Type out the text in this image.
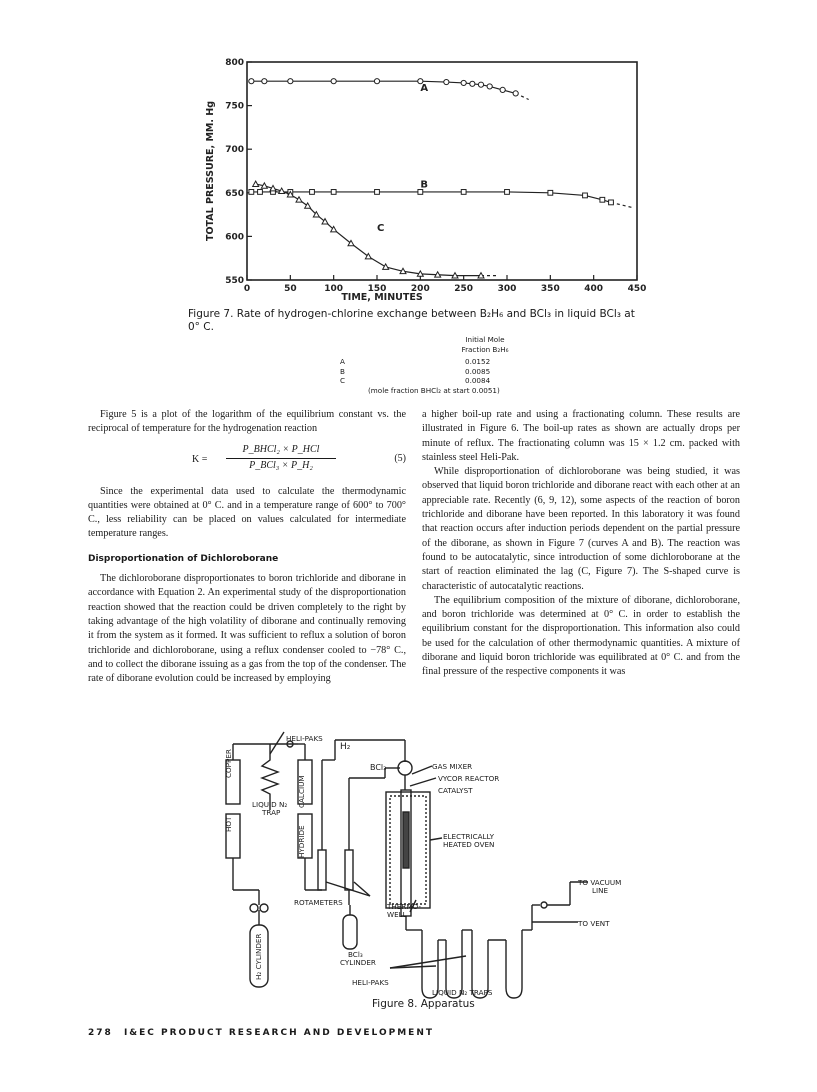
0	50	100	150	200	250	300	350	400	450
550
600
650
700
750
800
TIME, MINUTES
TOTAL PRESSURE, MM. Hg
A
B
C
Figure 7. Rate of hydrogen-chlorine exchange between B₂H₆ and BCl₃ in liquid BCl₃ at 0° C.
Initial Mole
Fraction B₂H₆
A	0.0152
B	0.0085
C	0.0084
(mole fraction BHCl₂ at start 0.0051)

Figure 5 is a plot of the logarithm of the equilibrium constant vs. the reciprocal of temperature for the hydrogenation reaction

K =
P_BHCl₂ × P_HCl
P_BCl₃ × P_H₂
(5)

Since the experimental data used to calculate the thermodynamic quantities were obtained at 0° C. and in a temperature range of 600° to 700° C., less reliability can be placed on values calculated for intermediate temperature ranges.

Disproportionation of Dichloroborane

The dichloroborane disproportionates to boron trichloride and diborane in accordance with Equation 2. An experimental study of the disproportionation reaction showed that the reaction could be driven completely to the right by taking advantage of the high volatility of diborane and continually removing it from the system as it formed. It was sufficient to reflux a solution of boron trichloride and dichloroborane, using a reflux condenser cooled to −78° C., and to collect the diborane issuing as a gas from the top of the condenser. The rate of diborane evolution could be increased by employing

a higher boil-up rate and using a fractionating column. These results are illustrated in Figure 6. The boil-up rates as shown are actually drops per minute of reflux. The fractionating column was 15 × 1.2 cm. packed with stainless steel Heli-Pak.

While disproportionation of dichloroborane was being studied, it was observed that liquid boron trichloride and diborane react with each other at an appreciable rate. Recently (6, 9, 12), some aspects of the reaction of boron trichloride and diborane have been reported. In this laboratory it was found that reaction occurs after induction periods dependent on the partial pressure of the diborane, as shown in Figure 7 (curves A and B). The reaction was found to be autocatalytic, since introduction of some dichloroborane at the start of reaction eliminated the lag (C, Figure 7). The S-shaped curve is characteristic of autocatalytic reactions.

The equilibrium composition of the mixture of diborane, dichloroborane, and boron trichloride was determined at 0° C. in order to establish the equilibrium constant for the disproportionation. This information also could be used for the calculation of other thermodynamic quantities. A mixture of diborane and liquid boron trichloride was equilibrated at 0° C. and from the final pressure of the respective components it was

HELI-PAKS
H₂
BCl₃	GAS MIXER
VYCOR REACTOR
CATALYST
ELECTRICALLY
HEATED OVEN
COPPER
HOT
LIQUID N₂
TRAP
CALCIUM
HYDRIDE
ROTAMETERS	THERMO-
WELL
H₂ CYLINDER	BCl₃
CYLINDER
TO VACUUM
LINE
TO VENT
HELI-PAKS
LIQUID N₂ TRAPS
Figure 8. Apparatus
278 I&EC PRODUCT RESEARCH AND DEVELOPMENT
